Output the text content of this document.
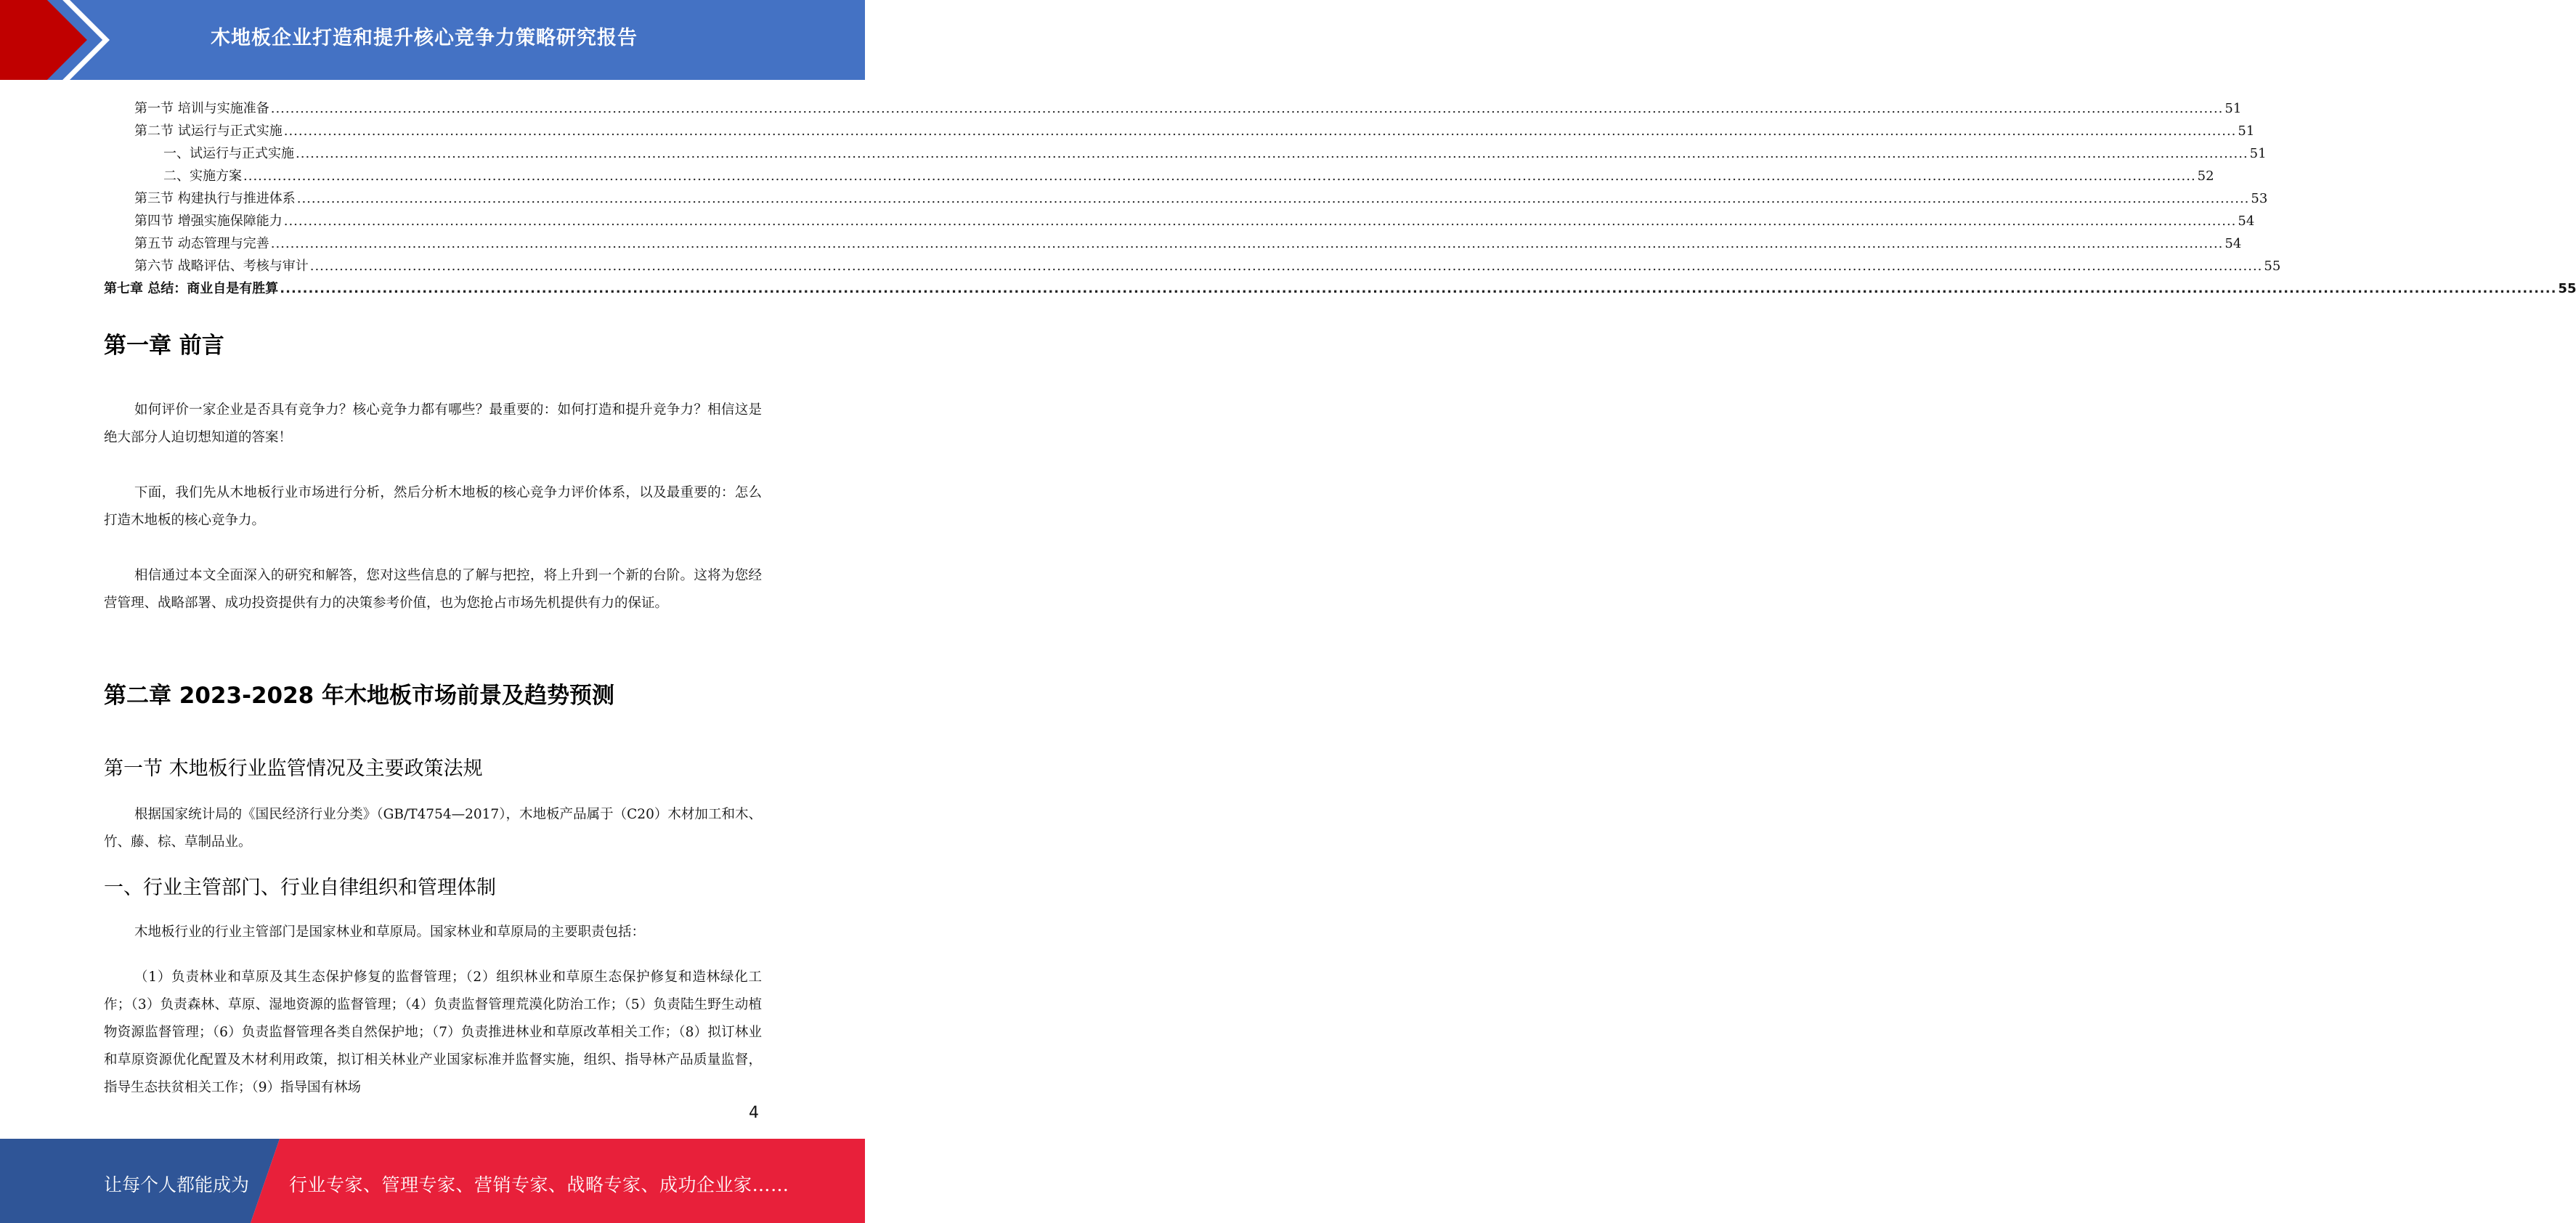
木地板企业打造和提升核心竞争力策略研究报告
第一节 培训与实施准备 ................................................................................................................................................................................................................................................................................................................................................................................................................ 51
第二节 试运行与正式实施 ................................................................................................................................................................................................................................................................................................................................................................................................................ 51
一、试运行与正式实施 ................................................................................................................................................................................................................................................................................................................................................................................................................ 51
二、实施方案 ................................................................................................................................................................................................................................................................................................................................................................................................................ 52
第三节 构建执行与推进体系 ................................................................................................................................................................................................................................................................................................................................................................................................................ 53
第四节 增强实施保障能力 ................................................................................................................................................................................................................................................................................................................................................................................................................ 54
第五节 动态管理与完善 ................................................................................................................................................................................................................................................................................................................................................................................................................ 54
第六节 战略评估、考核与审计 ................................................................................................................................................................................................................................................................................................................................................................................................................ 55
第七章 总结：商业自是有胜算 ................................................................................................................................................................................................................................................................................................................................................................................................................ 55
第一章 前言
如何评价一家企业是否具有竞争力？核心竞争力都有哪些？最重要的：如何打造和提升竞争力？相信这是绝大部分人迫切想知道的答案！
下面，我们先从木地板行业市场进行分析，然后分析木地板的核心竞争力评价体系，以及最重要的：怎么打造木地板的核心竞争力。
相信通过本文全面深入的研究和解答，您对这些信息的了解与把控，将上升到一个新的台阶。这将为您经营管理、战略部署、成功投资提供有力的决策参考价值，也为您抢占市场先机提供有力的保证。
第二章 2023-2028 年木地板市场前景及趋势预测
第一节 木地板行业监管情况及主要政策法规
根据国家统计局的《国民经济行业分类》（GB/T4754—2017），木地板产品属于（C20）木材加工和木、竹、藤、棕、草制品业。
一、行业主管部门、行业自律组织和管理体制
木地板行业的行业主管部门是国家林业和草原局。国家林业和草原局的主要职责包括：
（1）负责林业和草原及其生态保护修复的监督管理；（2）组织林业和草原生态保护修复和造林绿化工作；（3）负责森林、草原、湿地资源的监督管理；（4）负责监督管理荒漠化防治工作；（5）负责陆生野生动植物资源监督管理；（6）负责监督管理各类自然保护地；（7）负责推进林业和草原改革相关工作；（8）拟订林业和草原资源优化配置及木材利用政策，拟订相关林业产业国家标准并监督实施，组织、指导林产品质量监督，指导生态扶贫相关工作；（9）指导国有林场
4
让每个人都能成为 行业专家、管理专家、营销专家、战略专家、成功企业家……
